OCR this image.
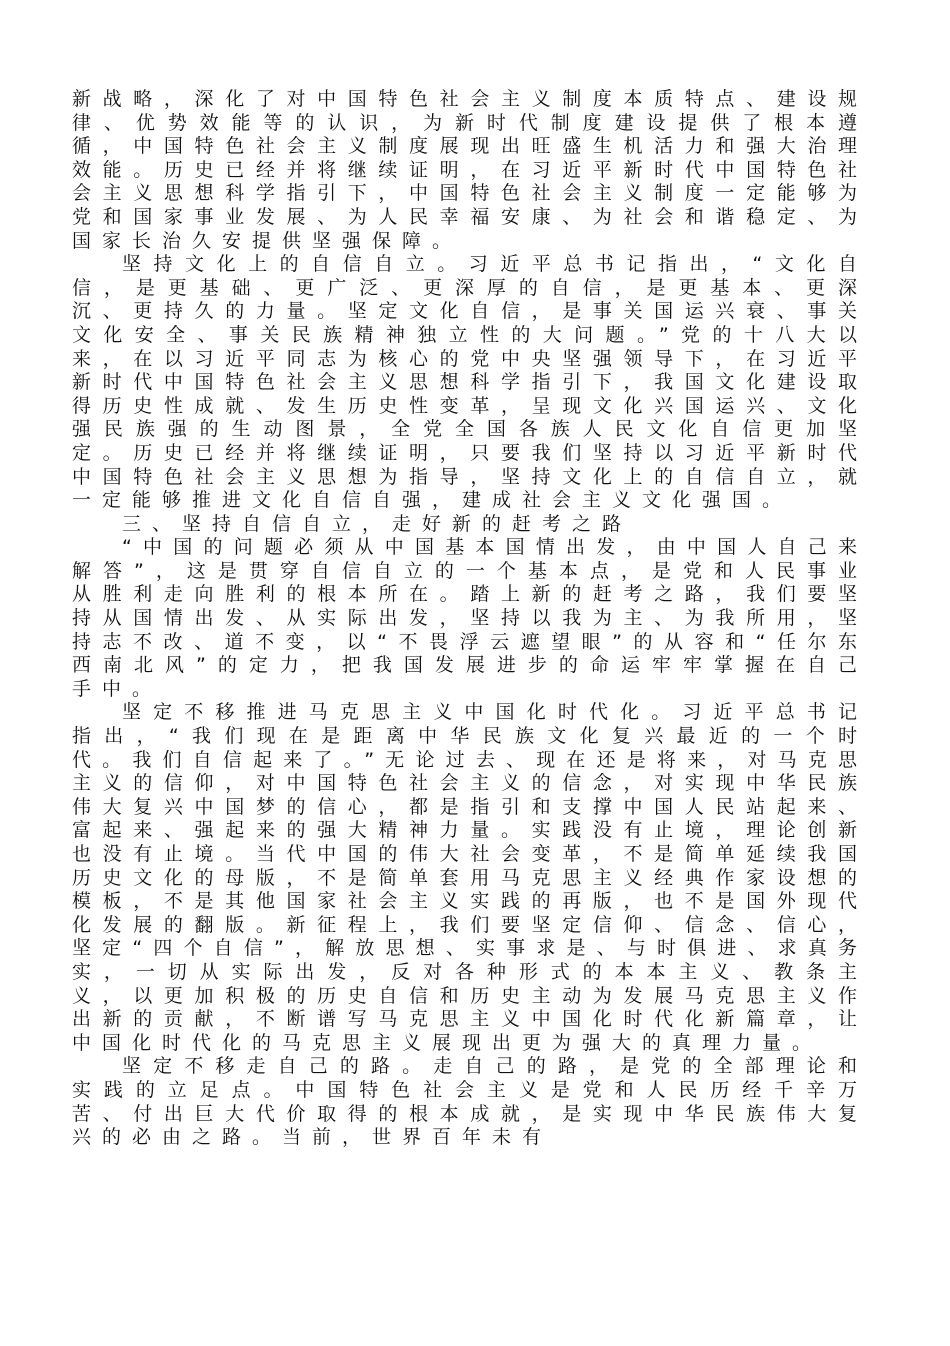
新战略，深化了对中国特色社会主义制度本质特点、建设规律、优势效能等的认识，为新时代制度建设提供了根本遵循，中国特色社会主义制度展现出旺盛生机活力和强大治理效能。历史已经并将继续证明，在习近平新时代中国特色社会主义思想科学指引下，中国特色社会主义制度一定能够为党和国家事业发展、为人民幸福安康、为社会和谐稳定、为国家长治久安提供坚强保障。

坚持文化上的自信自立。习近平总书记指出，“文化自信，是更基础、更广泛、更深厚的自信，是更基本、更深沉、更持久的力量。坚定文化自信，是事关国运兴衰、事关文化安全、事关民族精神独立性的大问题。”党的十八大以来，在以习近平同志为核心的党中央坚强领导下，在习近平新时代中国特色社会主义思想科学指引下，我国文化建设取得历史性成就、发生历史性变革，呈现文化兴国运兴、文化强民族强的生动图景，全党全国各族人民文化自信更加坚定。历史已经并将继续证明，只要我们坚持以习近平新时代中国特色社会主义思想为指导，坚持文化上的自信自立，就一定能够推进文化自信自强，建成社会主义文化强国。

三、坚持自信自立，走好新的赶考之路

“中国的问题必须从中国基本国情出发，由中国人自己来解答”，这是贯穿自信自立的一个基本点，是党和人民事业从胜利走向胜利的根本所在。踏上新的赶考之路，我们要坚持从国情出发、从实际出发，坚持以我为主、为我所用，坚持志不改、道不变，以“不畏浮云遮望眼”的从容和“任尔东西南北风”的定力，把我国发展进步的命运牢牢掌握在自己手中。

坚定不移推进马克思主义中国化时代化。习近平总书记指出，“我们现在是距离中华民族文化复兴最近的一个时代。我们自信起来了。”无论过去、现在还是将来，对马克思主义的信仰，对中国特色社会主义的信念，对实现中华民族伟大复兴中国梦的信心，都是指引和支撑中国人民站起来、富起来、强起来的强大精神力量。实践没有止境，理论创新也没有止境。当代中国的伟大社会变革，不是简单延续我国历史文化的母版，不是简单套用马克思主义经典作家设想的模板，不是其他国家社会主义实践的再版，也不是国外现代化发展的翻版。新征程上，我们要坚定信仰、信念、信心，坚定“四个自信”，解放思想、实事求是、与时俱进、求真务实，一切从实际出发，反对各种形式的本本主义、教条主义，以更加积极的历史自信和历史主动为发展马克思主义作出新的贡献，不断谱写马克思主义中国化时代化新篇章，让中国化时代化的马克思主义展现出更为强大的真理力量。

坚定不移走自己的路。走自己的路，是党的全部理论和实践的立足点。中国特色社会主义是党和人民历经千辛万苦、付出巨大代价取得的根本成就，是实现中华民族伟大复兴的必由之路。当前，世界百年未有
